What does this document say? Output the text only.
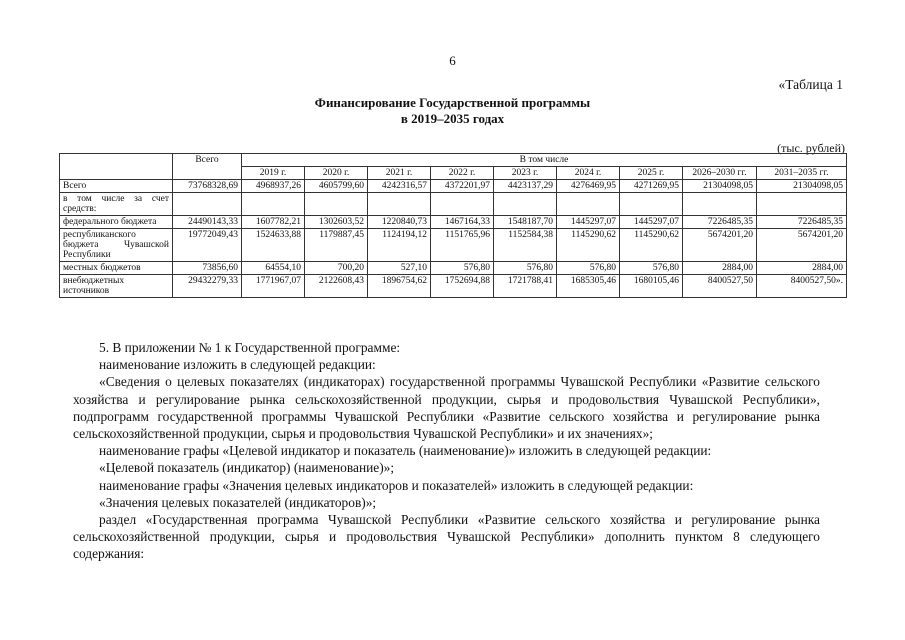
6
«Таблица 1
Финансирование Государственной программы
в 2019–2035 годах
(тыс. рублей)
	Всего	В том числе								
		2019 г.	2020 г.	2021 г.	2022 г.	2023 г.	2024 г.	2025 г.	2026–2030 гг.	2031–2035 гг.
Всего	73768328,69	4968937,26	4605799,60	4242316,57	4372201,97	4423137,29	4276469,95	4271269,95	21304098,05	21304098,05
в том числе за счет средств:										
федерального бюджета	24490143,33	1607782,21	1302603,52	1220840,73	1467164,33	1548187,70	1445297,07	1445297,07	7226485,35	7226485,35
республиканского бюджета Чувашской Республики	19772049,43	1524633,88	1179887,45	1124194,12	1151765,96	1152584,38	1145290,62	1145290,62	5674201,20	5674201,20
местных бюджетов	73856,60	64554,10	700,20	527,10	576,80	576,80	576,80	576,80	2884,00	2884,00
внебюджетных источников	29432279,33	1771967,07	2122608,43	1896754,62	1752694,88	1721788,41	1685305,46	1680105,46	8400527,50	8400527,50».

5. В приложении № 1 к Государственной программе:

наименование изложить в следующей редакции:

«Сведения о целевых показателях (индикаторах) государственной программы Чувашской Республики «Развитие сельского хозяйства и регулирование рынка сельскохозяйственной продукции, сырья и продовольствия Чувашской Республики», подпрограмм государственной программы Чувашской Республики «Развитие сельского хозяйства и регулирование рынка сельскохозяйственной продукции, сырья и продовольствия Чувашской Республики» и их значениях»;

наименование графы «Целевой индикатор и показатель (наименование)» изложить в следующей редакции:

«Целевой показатель (индикатор) (наименование)»;

наименование графы «Значения целевых индикаторов и показателей» изложить в следующей редакции:

«Значения целевых показателей (индикаторов)»;

раздел «Государственная программа Чувашской Республики «Развитие сельского хозяйства и регулирование рынка сельскохозяйственной продукции, сырья и продовольствия Чувашской Республики» дополнить пунктом 8 следующего содержания:
